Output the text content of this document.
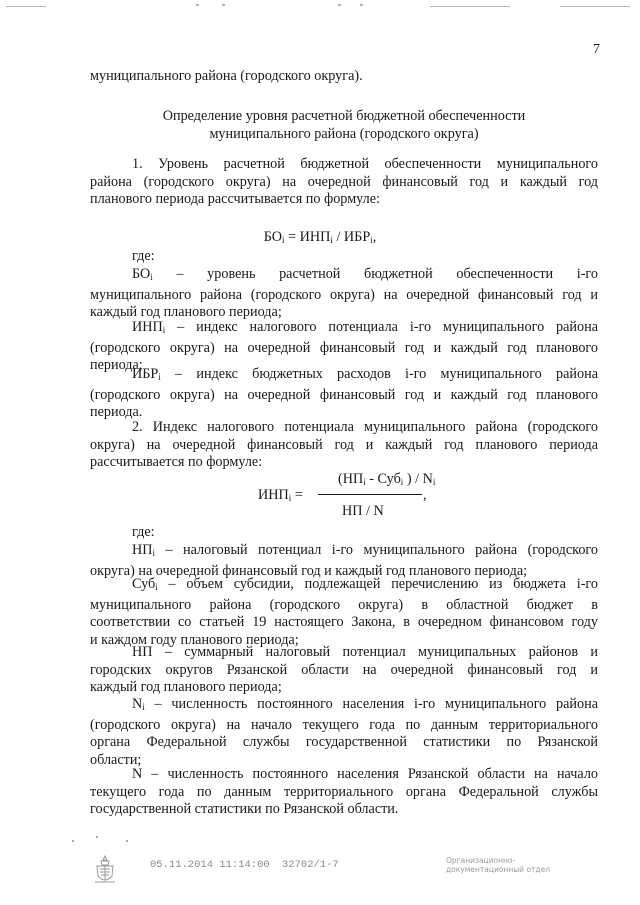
7
муниципального района (городского округа).
Определение уровня расчетной бюджетной обеспеченности
муниципального района (городского округа)
1. Уровень расчетной бюджетной обеспеченности муниципального
района (городского округа) на очередной финансовый год и каждый год
планового периода рассчитывается по формуле:
$БО_i = ИНП_i / ИБР_i$,
где:
$БО_i$ – уровень расчетной бюджетной обеспеченности i-го
муниципального района (городского округа) на очередной финансовый год и
каждый год планового периода;
$ИНП_i$ – индекс налогового потенциала i-го муниципального района
(городского округа) на очередной финансовый год и каждый год планового
периода;
$ИБР_i$ – индекс бюджетных расходов i-го муниципального района
(городского округа) на очередной финансовый год и каждый год планового
периода.
2. Индекс налогового потенциала муниципального района (городского
округа) на очередной финансовый год и каждый год планового периода
рассчитывается по формуле:
$ИНП_i$ =
($НП_i - Суб_i$ ) / $N_i$
,
НП / N
где:
$НП_i$ – налоговый потенциал i-го муниципального района (городского
округа) на очередной финансовый год и каждый год планового периода;
Суб$_i$ – объем субсидии, подлежащей перечислению из бюджета i-го
муниципального района (городского округа) в областной бюджет в
соответствии со статьей 19 настоящего Закона, в очередном финансовом году
и каждом году планового периода;
НП – суммарный налоговый потенциал муниципальных районов и
городских округов Рязанской области на очередной финансовый год и
каждый год планового периода;
$N_i$ – численность постоянного населения i-го муниципального района
(городского округа) на начало текущего года по данным территориального
органа Федеральной службы государственной статистики по Рязанской
области;
N – численность постоянного населения Рязанской области на начало
текущего года по данным территориального органа Федеральной службы
государственной статистики по Рязанской области.
05.11.2014 11:14:00 32702/1-7	Организационно-
документационный отдел
